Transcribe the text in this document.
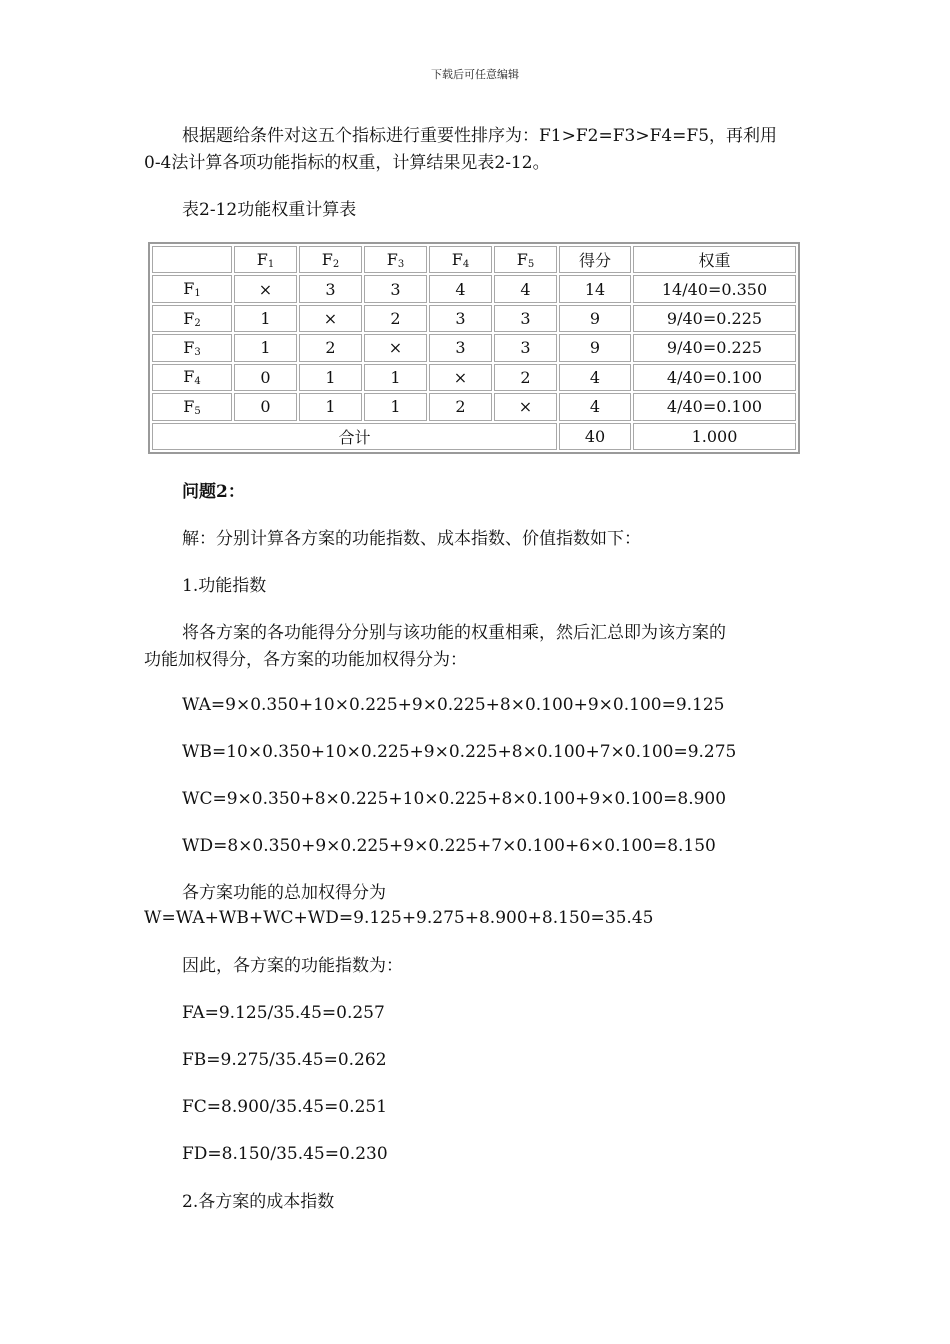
下载后可任意编辑
根据题给条件对这五个指标进行重要性排序为：F1>F2=F3>F4=F5，再利用
0-4法计算各项功能指标的权重，计算结果见表2-12。
表2-12功能权重计算表
	$F_1$	$F_2$	$F_3$	$F_4$	$F_5$	得分	权重
$F_1$	×	3	3	4	4	14	14/40=0.350
$F_2$	1	×	2	3	3	9	9/40=0.225
$F_3$	1	2	×	3	3	9	9/40=0.225
$F_4$	0	1	1	×	2	4	4/40=0.100
$F_5$	0	1	1	2	×	4	4/40=0.100
合计						40	1.000
问题2：
解：分别计算各方案的功能指数、成本指数、价值指数如下：
1.功能指数
将各方案的各功能得分分别与该功能的权重相乘，然后汇总即为该方案的
功能加权得分，各方案的功能加权得分为：
WA=9×0.350+10×0.225+9×0.225+8×0.100+9×0.100=9.125
WB=10×0.350+10×0.225+9×0.225+8×0.100+7×0.100=9.275
WC=9×0.350+8×0.225+10×0.225+8×0.100+9×0.100=8.900
WD=8×0.350+9×0.225+9×0.225+7×0.100+6×0.100=8.150
各方案功能的总加权得分为
W=WA+WB+WC+WD=9.125+9.275+8.900+8.150=35.45
因此，各方案的功能指数为：
FA=9.125/35.45=0.257
FB=9.275/35.45=0.262
FC=8.900/35.45=0.251
FD=8.150/35.45=0.230
2.各方案的成本指数
